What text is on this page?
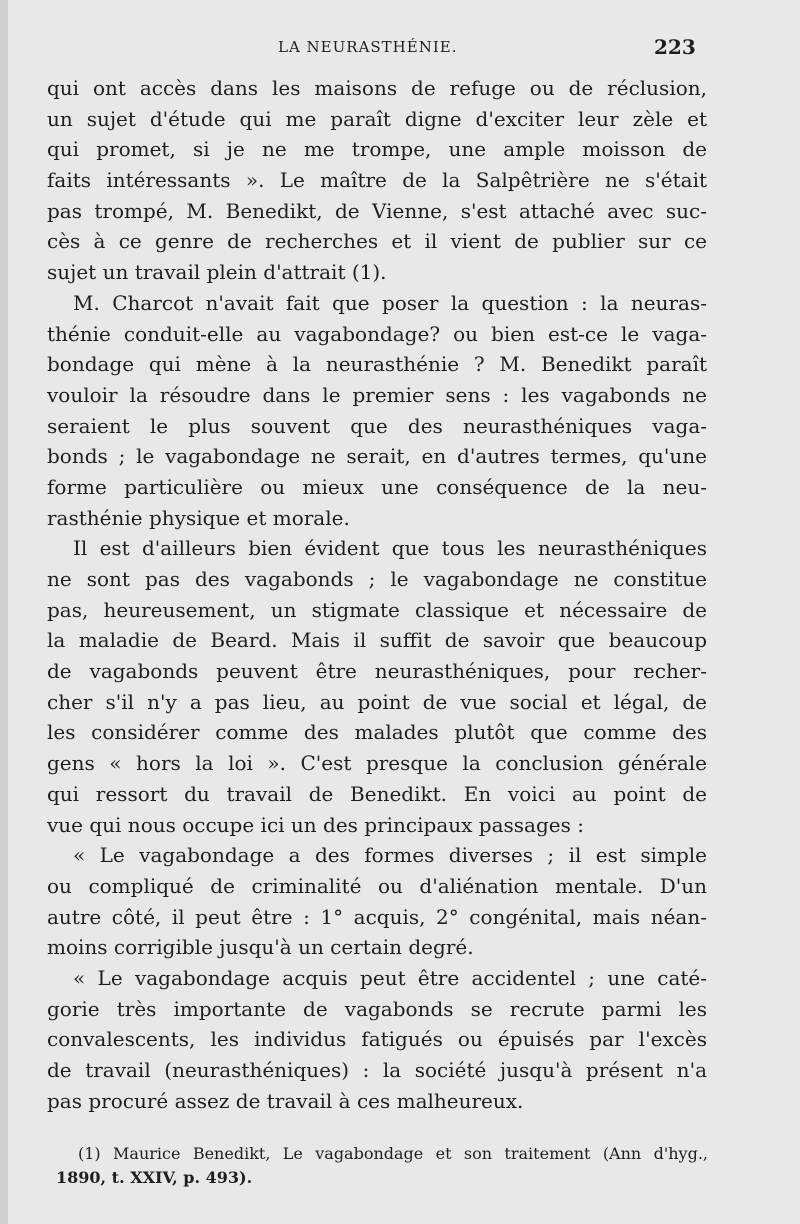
LA NEURASTHÉNIE.	223
qui ont accès dans les maisons de refuge ou de réclusion,
un sujet d'étude qui me paraît digne d'exciter leur zèle et
qui promet, si je ne me trompe, une ample moisson de
faits intéressants ». Le maître de la Salpêtrière ne s'était
pas trompé, M. Benedikt, de Vienne, s'est attaché avec suc-
cès à ce genre de recherches et il vient de publier sur ce
sujet un travail plein d'attrait (1).
M. Charcot n'avait fait que poser la question : la neuras-
thénie conduit-elle au vagabondage? ou bien est-ce le vaga-
bondage qui mène à la neurasthénie ? M. Benedikt paraît
vouloir la résoudre dans le premier sens : les vagabonds ne
seraient le plus souvent que des neurasthéniques vaga-
bonds ; le vagabondage ne serait, en d'autres termes, qu'une
forme particulière ou mieux une conséquence de la neu-
rasthénie physique et morale.
Il est d'ailleurs bien évident que tous les neurasthéniques
ne sont pas des vagabonds ; le vagabondage ne constitue
pas, heureusement, un stigmate classique et nécessaire de
la maladie de Beard. Mais il suffit de savoir que beaucoup
de vagabonds peuvent être neurasthéniques, pour recher-
cher s'il n'y a pas lieu, au point de vue social et légal, de
les considérer comme des malades plutôt que comme des
gens « hors la loi ». C'est presque la conclusion générale
qui ressort du travail de Benedikt. En voici au point de
vue qui nous occupe ici un des principaux passages :
« Le vagabondage a des formes diverses ; il est simple
ou compliqué de criminalité ou d'aliénation mentale. D'un
autre côté, il peut être : 1° acquis, 2° congénital, mais néan-
moins corrigible jusqu'à un certain degré.
« Le vagabondage acquis peut être accidentel ; une caté-
gorie très importante de vagabonds se recrute parmi les
convalescents, les individus fatigués ou épuisés par l'excès
de travail (neurasthéniques) : la société jusqu'à présent n'a
pas procuré assez de travail à ces malheureux.
(1) Maurice Benedikt, Le vagabondage et son traitement (Ann d'hyg.,
1890, t. XXIV, p. 493).
